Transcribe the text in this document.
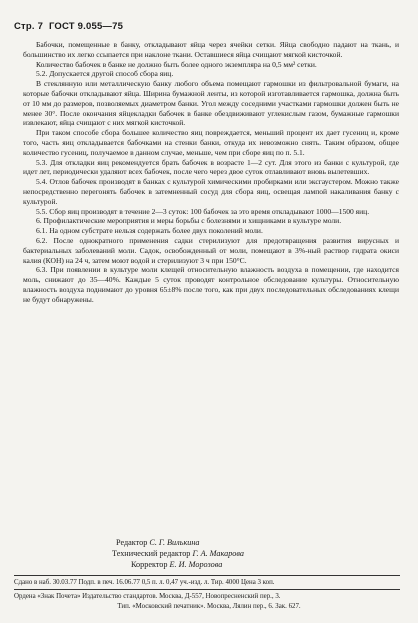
Стр. 7 ГОСТ 9.055—75

Бабочки, помещенные в банку, откладывают яйца через ячейки сетки. Яйца свободно падают на ткань, и большинство их легко ссыпается при наклоне ткани. Оставшиеся яйца счищают мягкой кисточкой.

Количество бабочек в банке не должно быть более одного экземпляра на 0,5 мм² сетки.

5.2. Допускается другой способ сбора яиц.

В стеклянную или металлическую банку любого объема помещают гармошки из фильтровальной бумаги, на которые бабочки откладывают яйца. Ширина бумажной ленты, из которой изготавливается гармошка, должна быть от 10 мм до размеров, позволяемых диаметром банки. Угол между соседними участками гармошки должен быть не менее 30°. После окончания яйцекладки бабочек в банке обездвиживают углекислым газом, бумажные гармошки извлекают, яйца счищают с них мягкой кисточкой.

При таком способе сбора большее количество яиц повреждается, меньший процент их дает гусениц и, кроме того, часть яиц откладывается бабочками на стенки банки, откуда их невозможно снять. Таким образом, общее количество гусениц, получаемое в данном случае, меньше, чем при сборе яиц по п. 5.1.

5.3. Для откладки яиц рекомендуется брать бабочек в возрасте 1—2 сут. Для этого из банки с культурой, где идет лет, периодически удаляют всех бабочек, после чего через двое суток отлавливают вновь вылетевших.

5.4. Отлов бабочек производят в банках с культурой химическими пробирками или эксгаустером. Можно также непосредственно перегонять бабочек в затемненный сосуд для сбора яиц, освещая лампой накаливания банку с культурой.

5.5. Сбор яиц производят в течение 2—3 суток: 100 бабочек за это время откладывают 1000—1500 яиц.

6. Профилактические мероприятия и меры борьбы с болезнями и хищниками в культуре моли.

6.1. На одном субстрате нельзя содержать более двух поколений моли.

6.2. После однократного применения садки стерилизуют для предотвращения развития вирусных и бактериальных заболеваний моли. Садок, освобожденный от моли, помещают в 3%-ный раствор гидрата окиси калия (КОН) на 24 ч, затем моют водой и стерилизуют 3 ч при 150°С.

6.3. При появлении в культуре моли клещей относительную влажность воздуха в помещении, где находится моль, снижают до 35—40%. Каждые 5 суток проводят контрольное обследование культуры. Относительную влажность воздуха поднимают до уровня 65±8% после того, как при двух последовательных обследованиях клещи не будут обнаружены.

Редактор С. Г. Вилькина
Технический редактор Г. А. Макарова
Корректор Е. И. Морозова
Сдано в наб. 30.03.77 Подп. в печ. 16.06.77 0,5 п. л. 0,47 уч.-изд. л. Тир. 4000 Цена 3 коп.
Ордена «Знак Почета» Издательство стандартов. Москва, Д-557, Новопресненский пер., 3.
Тип. «Московский печатник». Москва, Лялин пер., 6. Зак. 627.
